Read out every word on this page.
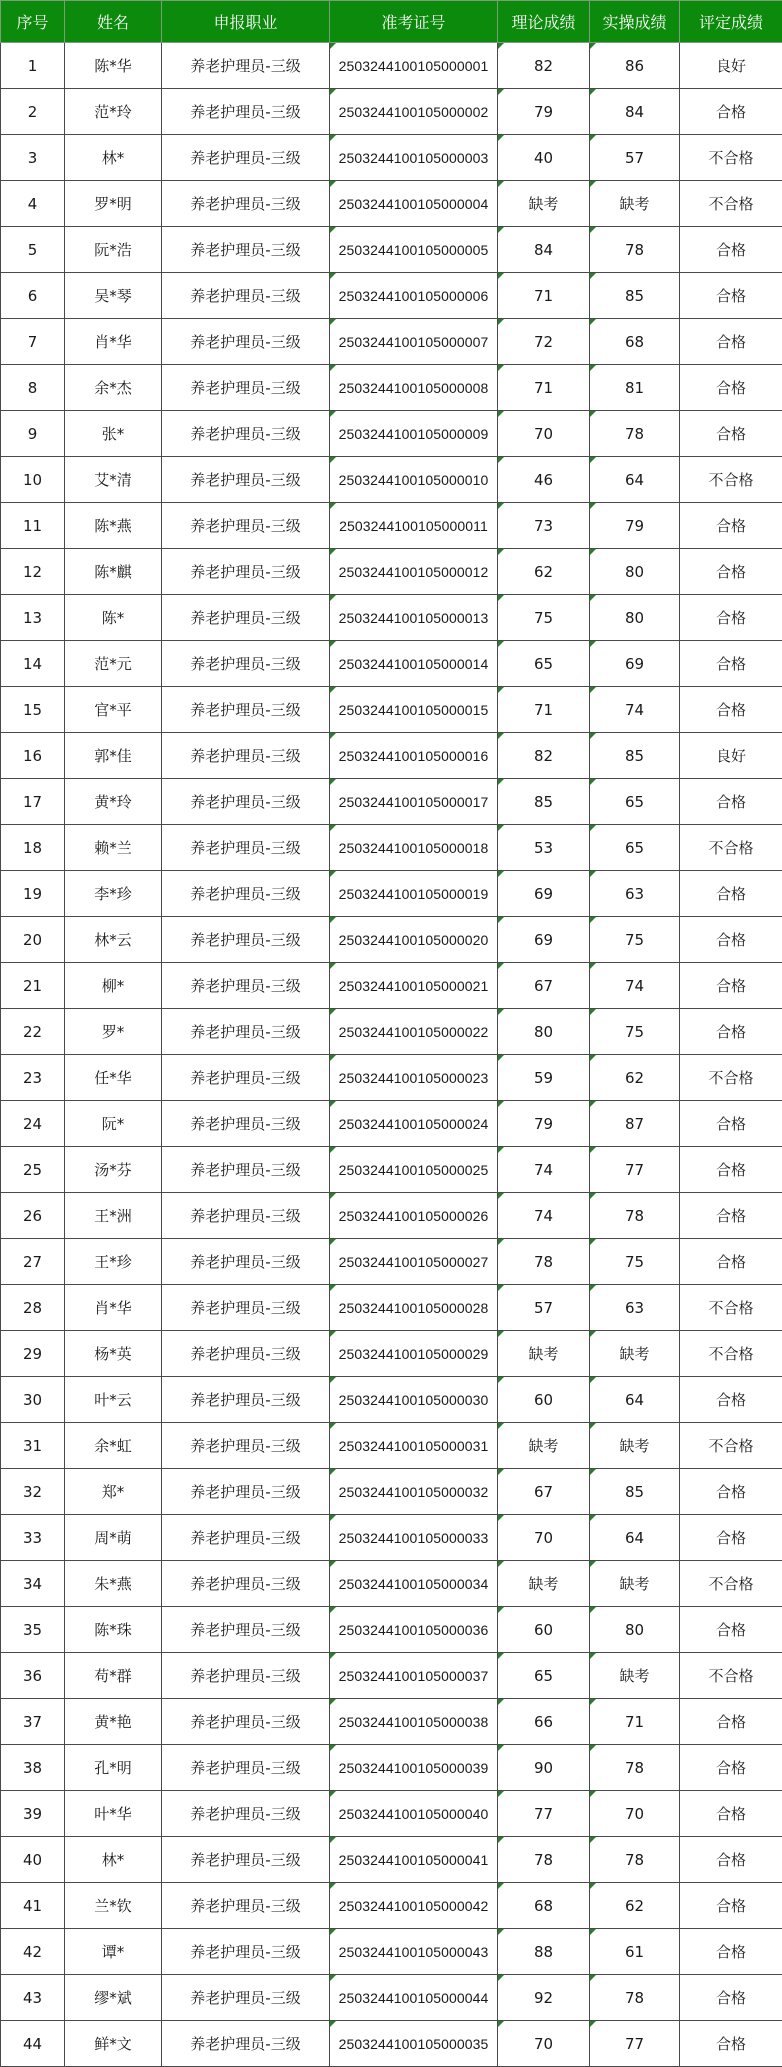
序号	姓名	申报职业	准考证号	理论成绩	实操成绩	评定成绩
1	陈*华	养老护理员-三级	2503244100105000001	82	86	良好
2	范*玲	养老护理员-三级	2503244100105000002	79	84	合格
3	林*	养老护理员-三级	2503244100105000003	40	57	不合格
4	罗*明	养老护理员-三级	2503244100105000004	缺考	缺考	不合格
5	阮*浩	养老护理员-三级	2503244100105000005	84	78	合格
6	吴*琴	养老护理员-三级	2503244100105000006	71	85	合格
7	肖*华	养老护理员-三级	2503244100105000007	72	68	合格
8	余*杰	养老护理员-三级	2503244100105000008	71	81	合格
9	张*	养老护理员-三级	2503244100105000009	70	78	合格
10	艾*清	养老护理员-三级	2503244100105000010	46	64	不合格
11	陈*燕	养老护理员-三级	2503244100105000011	73	79	合格
12	陈*麒	养老护理员-三级	2503244100105000012	62	80	合格
13	陈*	养老护理员-三级	2503244100105000013	75	80	合格
14	范*元	养老护理员-三级	2503244100105000014	65	69	合格
15	官*平	养老护理员-三级	2503244100105000015	71	74	合格
16	郭*佳	养老护理员-三级	2503244100105000016	82	85	良好
17	黄*玲	养老护理员-三级	2503244100105000017	85	65	合格
18	赖*兰	养老护理员-三级	2503244100105000018	53	65	不合格
19	李*珍	养老护理员-三级	2503244100105000019	69	63	合格
20	林*云	养老护理员-三级	2503244100105000020	69	75	合格
21	柳*	养老护理员-三级	2503244100105000021	67	74	合格
22	罗*	养老护理员-三级	2503244100105000022	80	75	合格
23	任*华	养老护理员-三级	2503244100105000023	59	62	不合格
24	阮*	养老护理员-三级	2503244100105000024	79	87	合格
25	汤*芬	养老护理员-三级	2503244100105000025	74	77	合格
26	王*洲	养老护理员-三级	2503244100105000026	74	78	合格
27	王*珍	养老护理员-三级	2503244100105000027	78	75	合格
28	肖*华	养老护理员-三级	2503244100105000028	57	63	不合格
29	杨*英	养老护理员-三级	2503244100105000029	缺考	缺考	不合格
30	叶*云	养老护理员-三级	2503244100105000030	60	64	合格
31	余*虹	养老护理员-三级	2503244100105000031	缺考	缺考	不合格
32	郑*	养老护理员-三级	2503244100105000032	67	85	合格
33	周*萌	养老护理员-三级	2503244100105000033	70	64	合格
34	朱*燕	养老护理员-三级	2503244100105000034	缺考	缺考	不合格
35	陈*珠	养老护理员-三级	2503244100105000036	60	80	合格
36	苟*群	养老护理员-三级	2503244100105000037	65	缺考	不合格
37	黄*艳	养老护理员-三级	2503244100105000038	66	71	合格
38	孔*明	养老护理员-三级	2503244100105000039	90	78	合格
39	叶*华	养老护理员-三级	2503244100105000040	77	70	合格
40	林*	养老护理员-三级	2503244100105000041	78	78	合格
41	兰*钦	养老护理员-三级	2503244100105000042	68	62	合格
42	谭*	养老护理员-三级	2503244100105000043	88	61	合格
43	缪*斌	养老护理员-三级	2503244100105000044	92	78	合格
44	鲜*文	养老护理员-三级	2503244100105000035	70	77	合格
